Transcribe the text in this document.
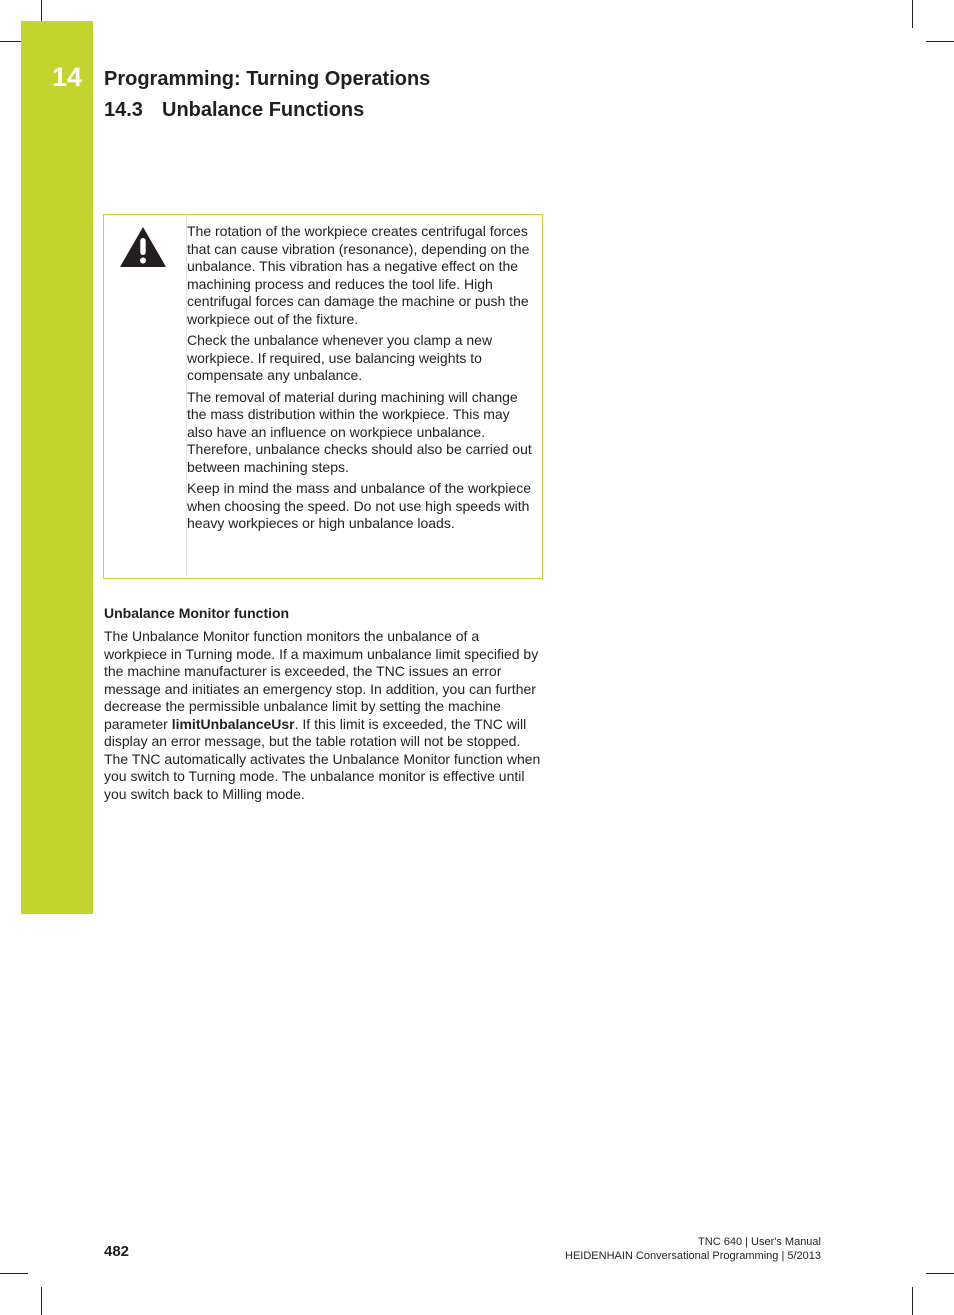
14 Programming: Turning Operations
14.3 Unbalance Functions

The rotation of the workpiece creates centrifugal forces that can cause vibration (resonance), depending on the unbalance. This vibration has a negative effect on the machining process and reduces the tool life. High centrifugal forces can damage the machine or push the workpiece out of the fixture.

Check the unbalance whenever you clamp a new workpiece. If required, use balancing weights to compensate any unbalance.

The removal of material during machining will change the mass distribution within the workpiece. This may also have an influence on workpiece unbalance. Therefore, unbalance checks should also be carried out between machining steps.

Keep in mind the mass and unbalance of the workpiece when choosing the speed. Do not use high speeds with heavy workpieces or high unbalance loads.

Unbalance Monitor function

The Unbalance Monitor function monitors the unbalance of a workpiece in Turning mode. If a maximum unbalance limit specified by the machine manufacturer is exceeded, the TNC issues an error message and initiates an emergency stop. In addition, you can further decrease the permissible unbalance limit by setting the machine parameter limitUnbalanceUsr. If this limit is exceeded, the TNC will display an error message, but the table rotation will not be stopped. The TNC automatically activates the Unbalance Monitor function when you switch to Turning mode. The unbalance monitor is effective until you switch back to Milling mode.

482
TNC 640 | User's Manual
HEIDENHAIN Conversational Programming | 5/2013
